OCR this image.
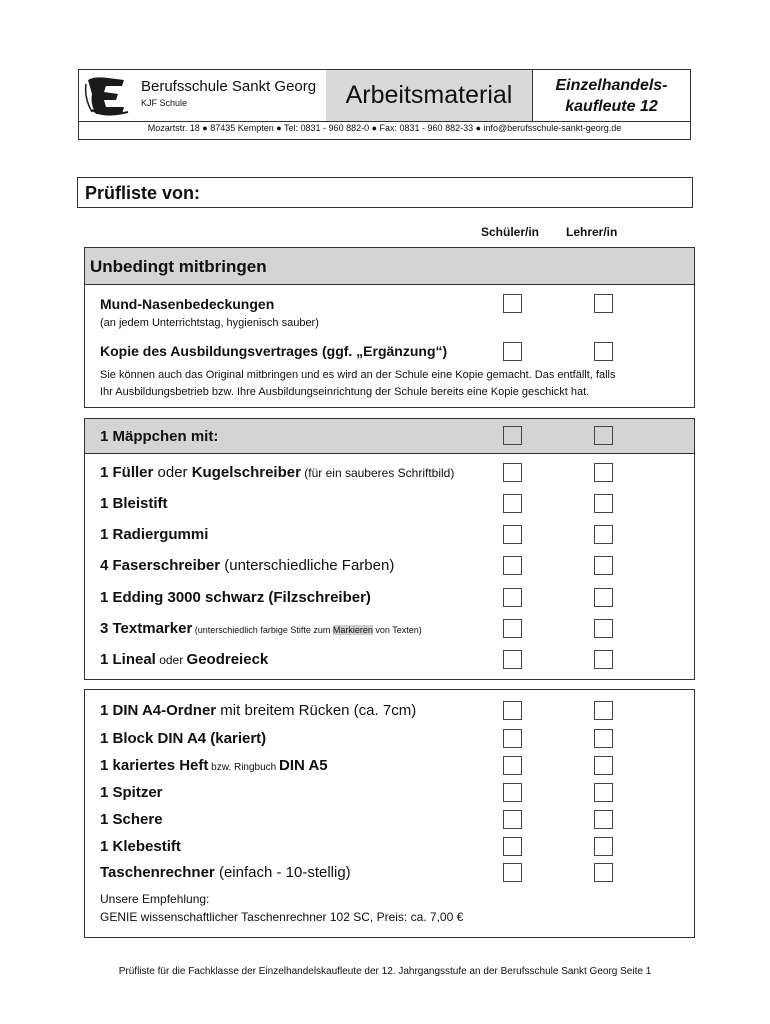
Berufsschule Sankt Georg
KJF Schule	Arbeitsmaterial	Einzelhandels-
kaufleute 12
Mozartstr. 18 ● 87435 Kempten ● Tel: 0831 - 960 882-0 ● Fax: 0831 - 960 882-33 ● info@berufsschule-sankt-georg.de
Prüfliste von:
Schüler/in Lehrer/in
Unbedingt mitbringen
Mund-Nasenbedeckungen
(an jedem Unterrichtstag, hygienisch sauber)
Kopie des Ausbildungsvertrages (ggf. „Ergänzung“)
Sie können auch das Original mitbringen und es wird an der Schule eine Kopie gemacht. Das entfällt, falls
Ihr Ausbildungsbetrieb bzw. Ihre Ausbildungseinrichtung der Schule bereits eine Kopie geschickt hat.
1 Mäppchen mit:
1 Füller oder Kugelschreiber (für ein sauberes Schriftbild)
1 Bleistift
1 Radiergummi
4 Faserschreiber (unterschiedliche Farben)
1 Edding 3000 schwarz (Filzschreiber)
3 Textmarker (unterschiedlich farbige Stifte zum Markieren von Texten)
1 Lineal oder Geodreieck
1 DIN A4-Ordner mit breitem Rücken (ca. 7cm)
1 Block DIN A4 (kariert)
1 kariertes Heft bzw. Ringbuch DIN A5
1 Spitzer
1 Schere
1 Klebestift
Taschenrechner (einfach - 10-stellig)
Unsere Empfehlung:
GENIE wissenschaftlicher Taschenrechner 102 SC, Preis: ca. 7,00 €
Prüfliste für die Fachklasse der Einzelhandelskaufleute der 12. Jahrgangsstufe an der Berufsschule Sankt Georg Seite 1
